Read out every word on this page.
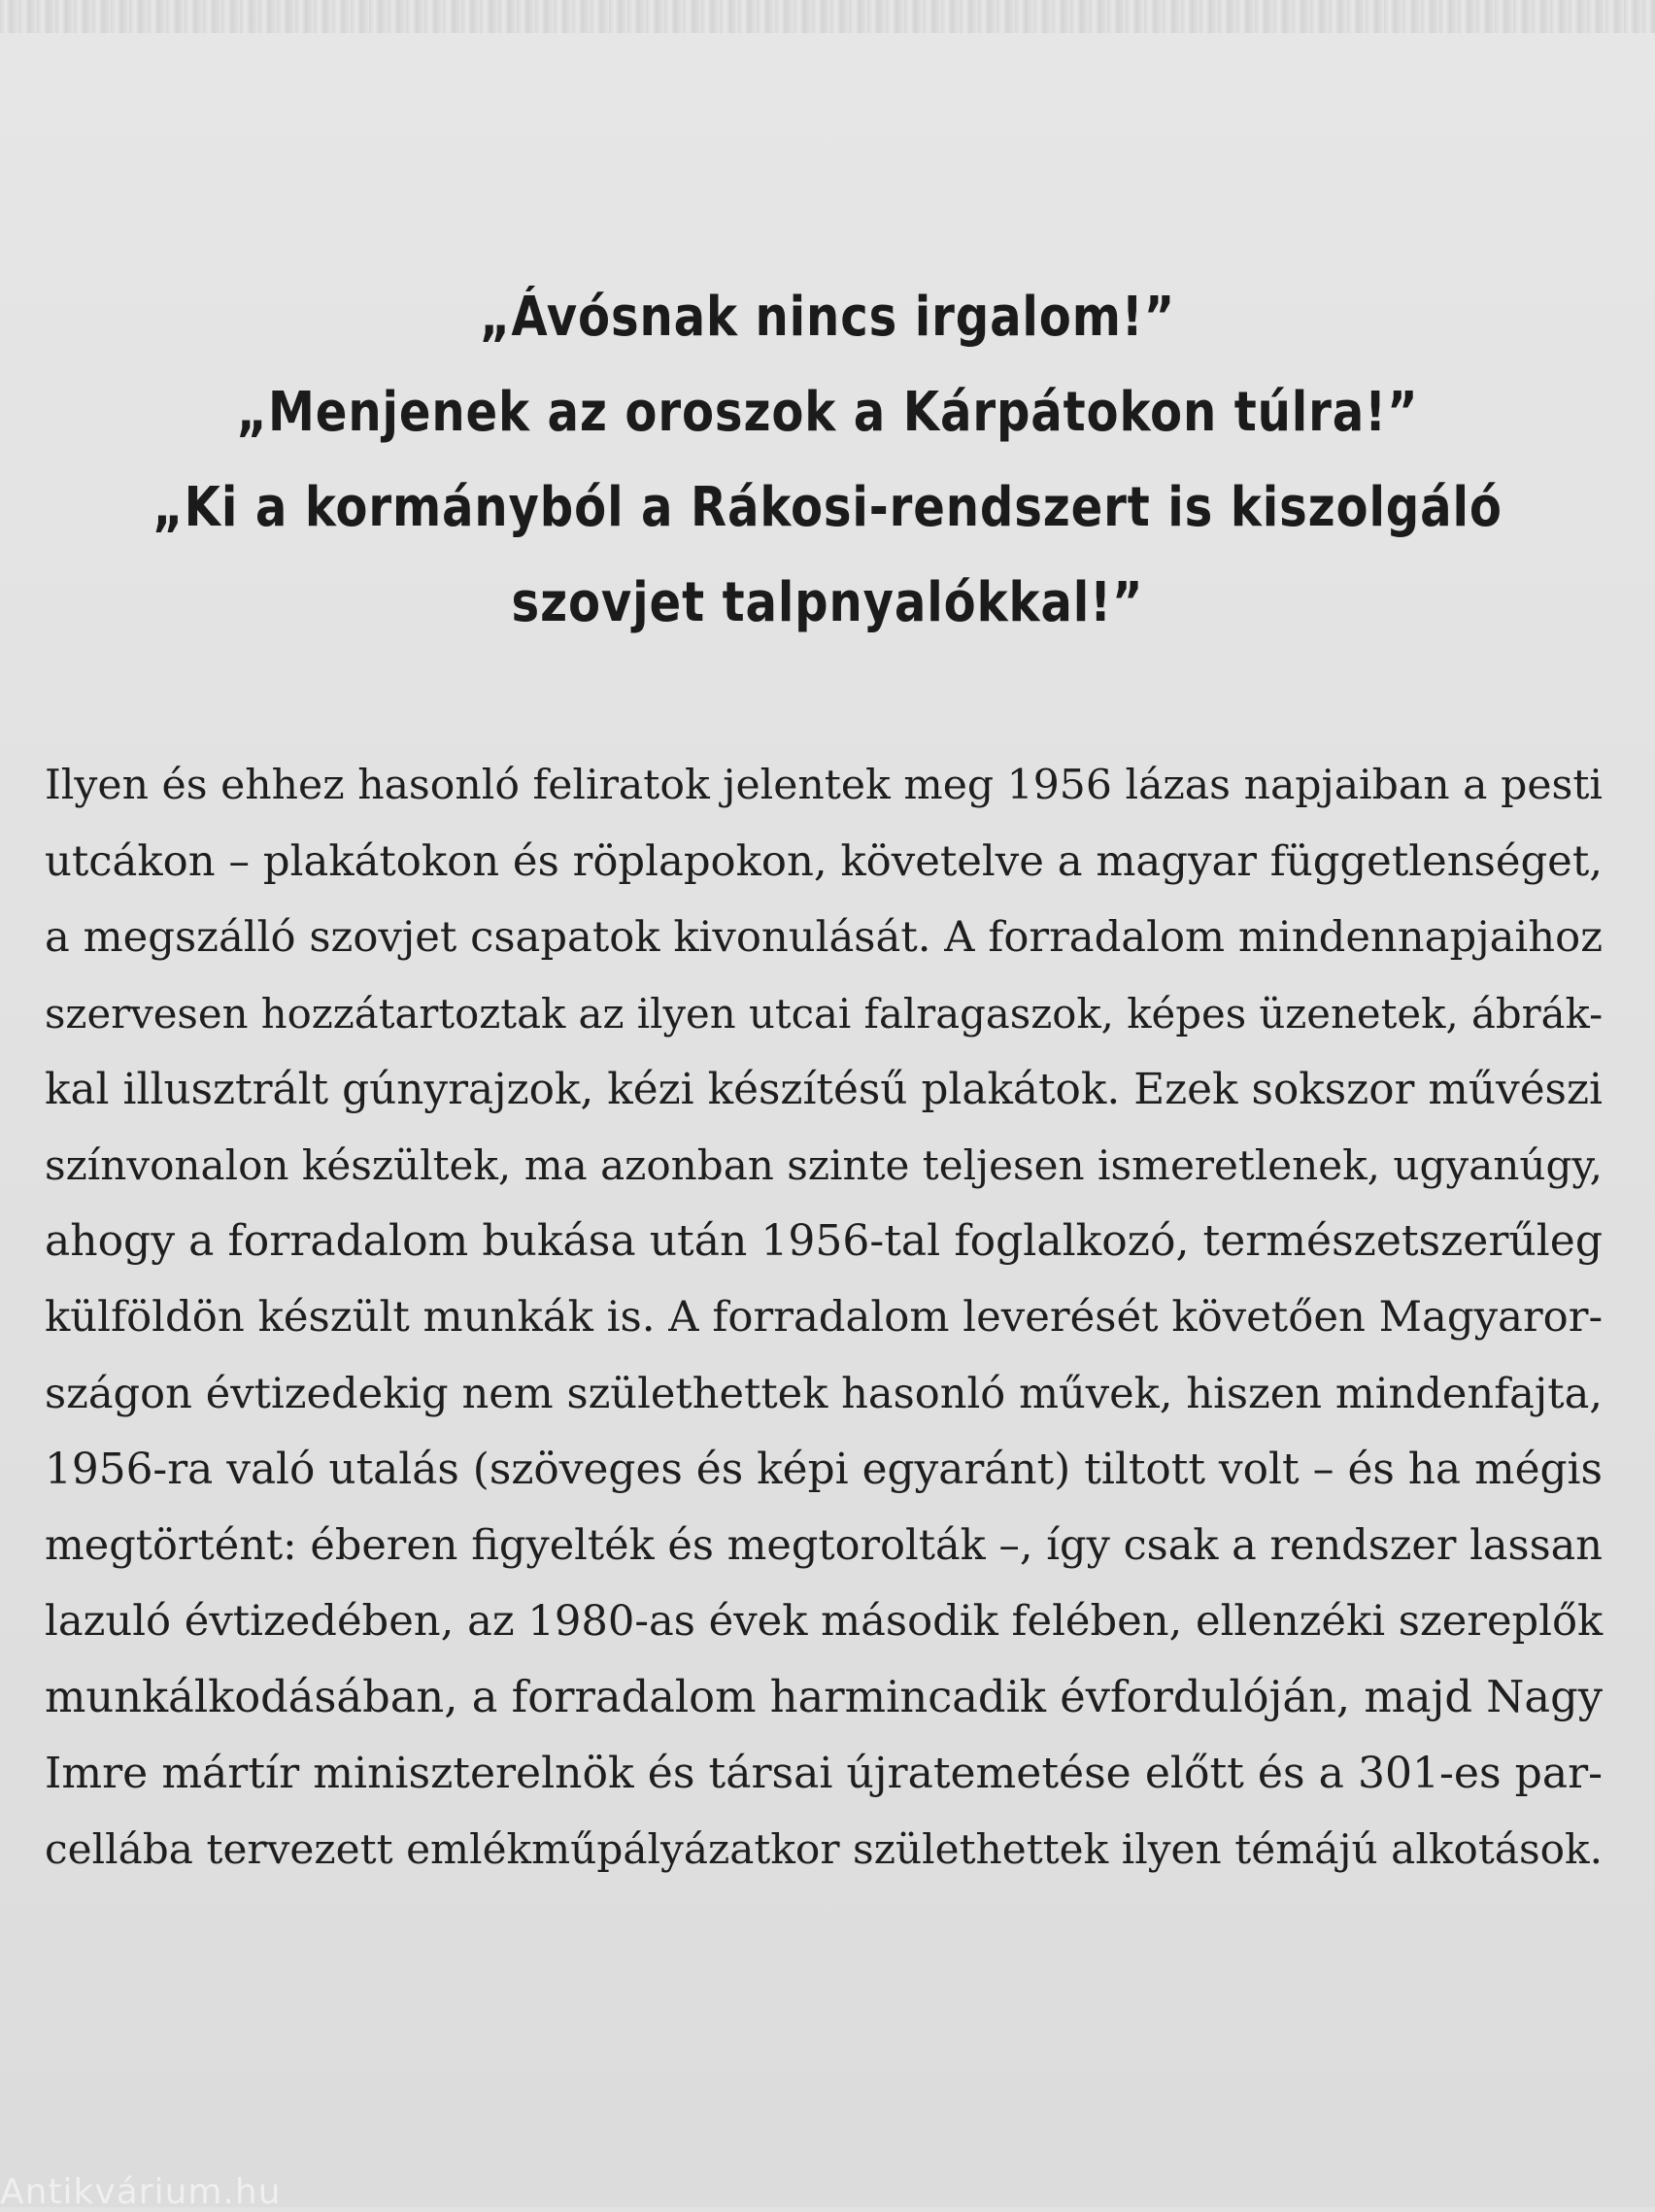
„Ávósnak nincs irgalom!”
„Menjenek az oroszok a Kárpátokon túlra!”
„Ki a kormányból a Rákosi-rendszert is kiszolgáló
szovjet talpnyalókkal!”
Ilyen és ehhez hasonló feliratok jelentek meg 1956 lázas napjaiban a pesti
utcákon – plakátokon és röplapokon, követelve a magyar függetlenséget,
a megszálló szovjet csapatok kivonulását. A forradalom mindennapjaihoz
szervesen hozzátartoztak az ilyen utcai falragaszok, képes üzenetek, ábrák-
kal illusztrált gúnyrajzok, kézi készítésű plakátok. Ezek sokszor művészi
színvonalon készültek, ma azonban szinte teljesen ismeretlenek, ugyanúgy,
ahogy a forradalom bukása után 1956-tal foglalkozó, természetszerűleg
külföldön készült munkák is. A forradalom leverését követően Magyaror-
szágon évtizedekig nem születhettek hasonló művek, hiszen mindenfajta,
1956-ra való utalás (szöveges és képi egyaránt) tiltott volt – és ha mégis
megtörtént: éberen figyelték és megtorolták –, így csak a rendszer lassan
lazuló évtizedében, az 1980-as évek második felében, ellenzéki szereplők
munkálkodásában, a forradalom harmincadik évfordulóján, majd Nagy
Imre mártír miniszterelnök és társai újratemetése előtt és a 301-es par-
cellába tervezett emlékműpályázatkor születhettek ilyen témájú alkotások.
Antikvárium.hu
